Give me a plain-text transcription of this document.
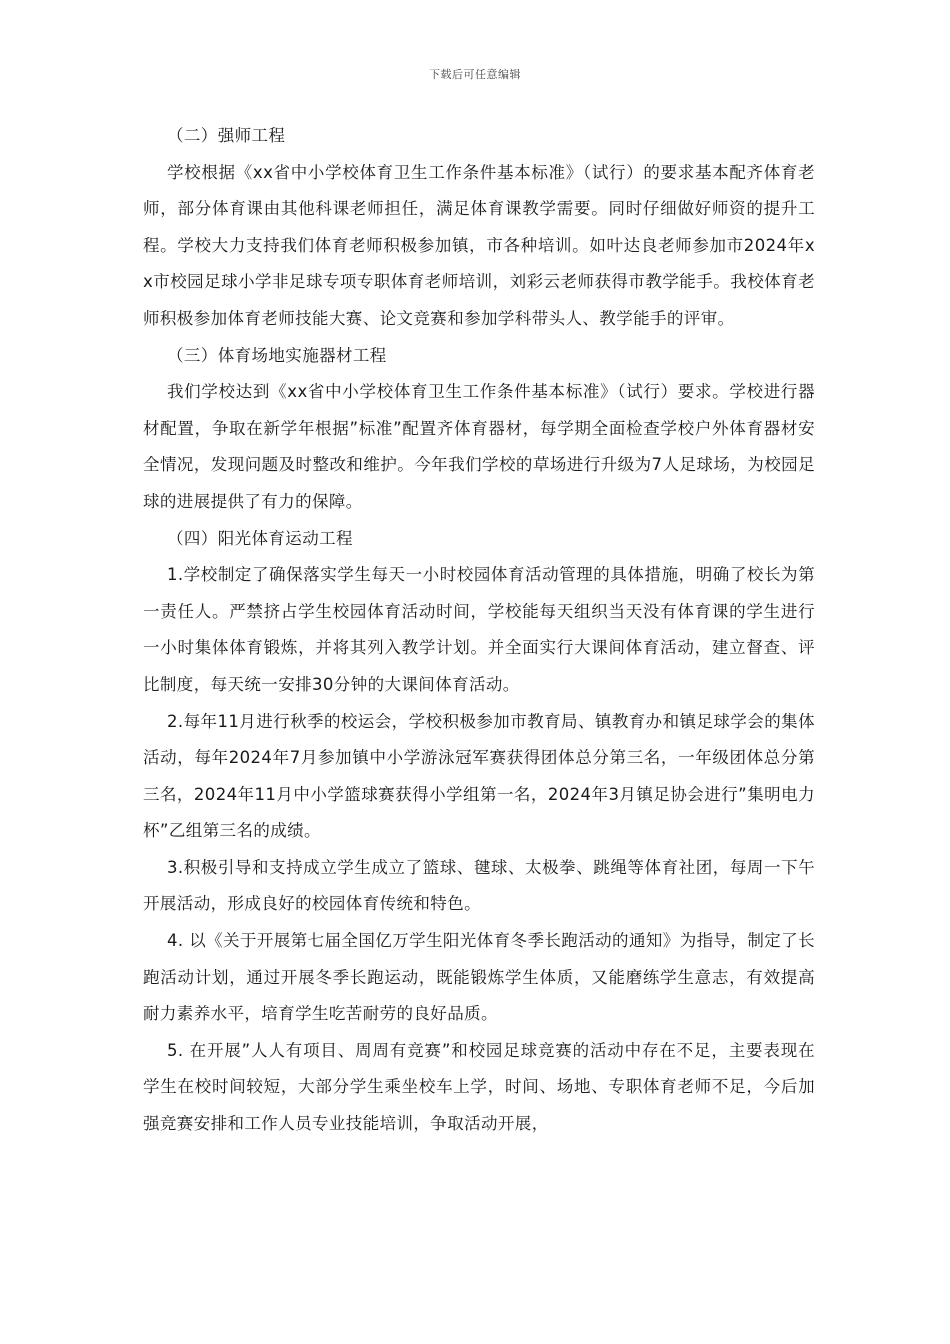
下载后可任意编辑

（二）强师工程

学校根据《xx省中小学校体育卫生工作条件基本标准》（试行）的要求基本配齐体育老师，部分体育课由其他科课老师担任，满足体育课教学需要。同时仔细做好师资的提升工程。学校大力支持我们体育老师积极参加镇，市各种培训。如叶达良老师参加市2024年xx市校园足球小学非足球专项专职体育老师培训，刘彩云老师获得市教学能手。我校体育老师积极参加体育老师技能大赛、论文竞赛和参加学科带头人、教学能手的评审。

（三）体育场地实施器材工程

我们学校达到《xx省中小学校体育卫生工作条件基本标准》（试行）要求。学校进行器材配置，争取在新学年根据”标准”配置齐体育器材，每学期全面检查学校户外体育器材安全情况，发现问题及时整改和维护。今年我们学校的草场进行升级为7人足球场，为校园足球的进展提供了有力的保障。

（四）阳光体育运动工程

1.学校制定了确保落实学生每天一小时校园体育活动管理的具体措施，明确了校长为第一责任人。严禁挤占学生校园体育活动时间，学校能每天组织当天没有体育课的学生进行一小时集体体育锻炼，并将其列入教学计划。并全面实行大课间体育活动，建立督查、评比制度，每天统一安排30分钟的大课间体育活动。

2.每年11月进行秋季的校运会，学校积极参加市教育局、镇教育办和镇足球学会的集体活动，每年2024年7月参加镇中小学游泳冠军赛获得团体总分第三名，一年级团体总分第三名，2024年11月中小学篮球赛获得小学组第一名，2024年3月镇足协会进行”集明电力杯”乙组第三名的成绩。

3.积极引导和支持成立学生成立了篮球、毽球、太极拳、跳绳等体育社团，每周一下午开展活动，形成良好的校园体育传统和特色。

4. 以《关于开展第七届全国亿万学生阳光体育冬季长跑活动的通知》为指导，制定了长跑活动计划，通过开展冬季长跑运动，既能锻炼学生体质，又能磨练学生意志，有效提高耐力素养水平，培育学生吃苦耐劳的良好品质。

5. 在开展”人人有项目、周周有竞赛”和校园足球竞赛的活动中存在不足，主要表现在学生在校时间较短，大部分学生乘坐校车上学，时间、场地、专职体育老师不足，今后加强竞赛安排和工作人员专业技能培训，争取活动开展，
